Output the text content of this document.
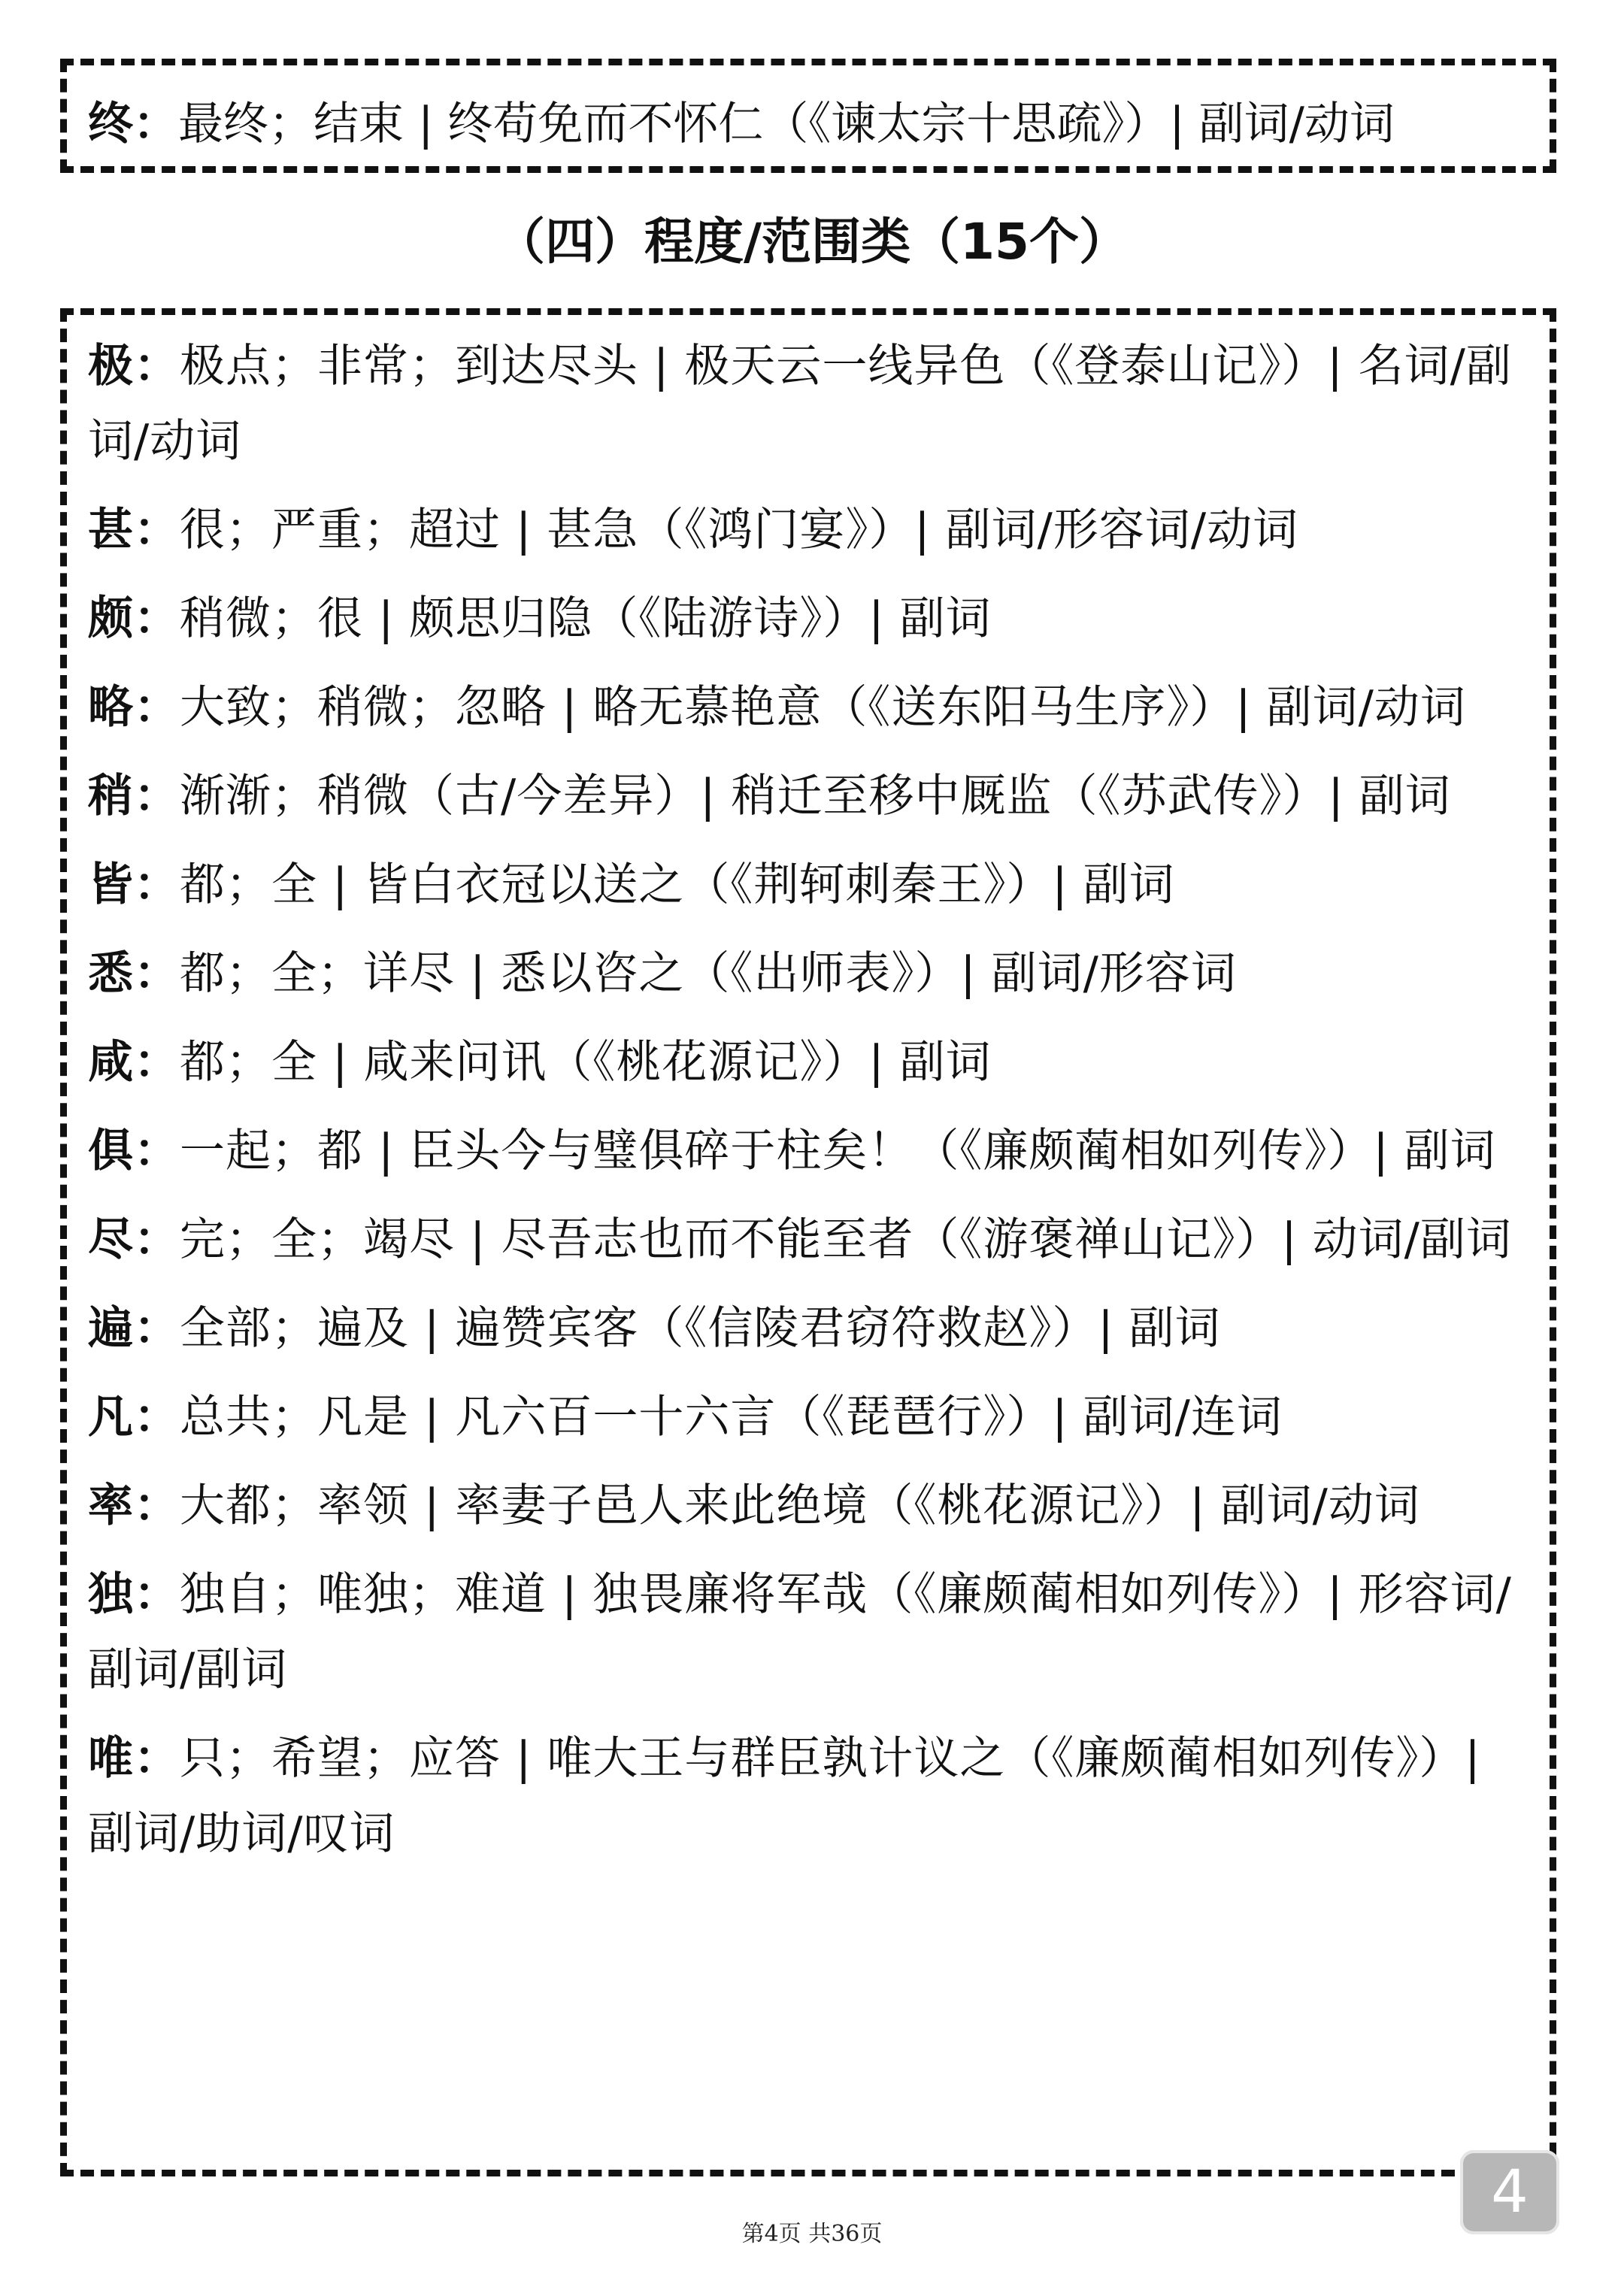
终：最终；结束 | 终苟免而不怀仁（《谏太宗十思疏》）| 副词/动词

（四）程度/范围类（15个）

极：极点；非常；到达尽头 | 极天云一线异色（《登泰山记》）| 名词/副词/动词

甚：很；严重；超过 | 甚急（《鸿门宴》）| 副词/形容词/动词

颇：稍微；很 | 颇思归隐（《陆游诗》）| 副词

略：大致；稍微；忽略 | 略无慕艳意（《送东阳马生序》）| 副词/动词

稍：渐渐；稍微（古/今差异）| 稍迁至移中厩监（《苏武传》）| 副词

皆：都；全 | 皆白衣冠以送之（《荆轲刺秦王》）| 副词

悉：都；全；详尽 | 悉以咨之（《出师表》）| 副词/形容词

咸：都；全 | 咸来问讯（《桃花源记》）| 副词

俱：一起；都 | 臣头今与璧俱碎于柱矣！（《廉颇蔺相如列传》）| 副词

尽：完；全；竭尽 | 尽吾志也而不能至者（《游褒禅山记》）| 动词/副词

遍：全部；遍及 | 遍赞宾客（《信陵君窃符救赵》）| 副词

凡：总共；凡是 | 凡六百一十六言（《琵琶行》）| 副词/连词

率：大都；率领 | 率妻子邑人来此绝境（《桃花源记》）| 副词/动词

独：独自；唯独；难道 | 独畏廉将军哉（《廉颇蔺相如列传》）| 形容词/副词/副词

唯：只；希望；应答 | 唯大王与群臣孰计议之（《廉颇蔺相如列传》）| 副词/助词/叹词

4

第4页 共36页
